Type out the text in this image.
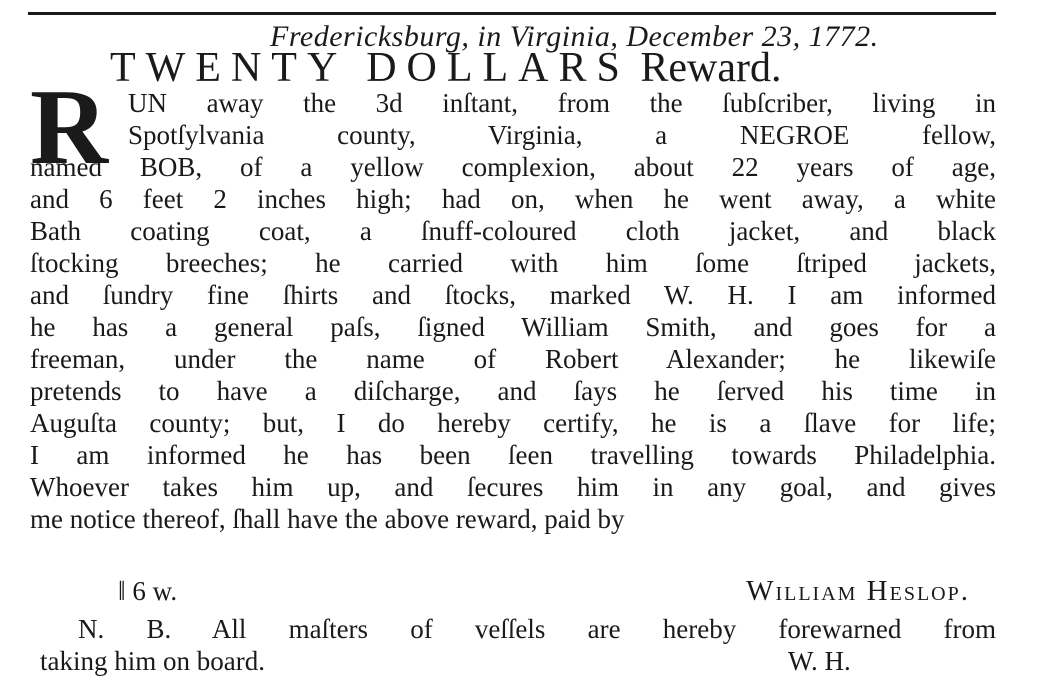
Fredericksburg, in Virginia, December 23, 1772.
TWENTY DOLLARS Reward.
R UN away the 3d inſtant, from the ſubſcriber, living in
Spotſylvania county, Virginia, a NEGROE fellow,
named BOB, of a yellow complexion, about 22 years of age,
and 6 feet 2 inches high; had on, when he went away, a white
Bath coating coat, a ſnuff-coloured cloth jacket, and black
ſtocking breeches; he carried with him ſome ſtriped jackets,
and ſundry fine ſhirts and ſtocks, marked W. H. I am informed
he has a general paſs, ſigned William Smith, and goes for a
freeman, under the name of Robert Alexander; he likewiſe
pretends to have a diſcharge, and ſays he ſerved his time in
Auguſta county; but, I do hereby certify, he is a ſlave for life;
I am informed he has been ſeen travelling towards Philadelphia.
Whoever takes him up, and ſecures him in any goal, and gives
me notice thereof, ſhall have the above reward, paid by
‖ 6 w.	William Heslop.
N. B. All maſters of veſſels are hereby forewarned from
taking him on board.	W. H.
